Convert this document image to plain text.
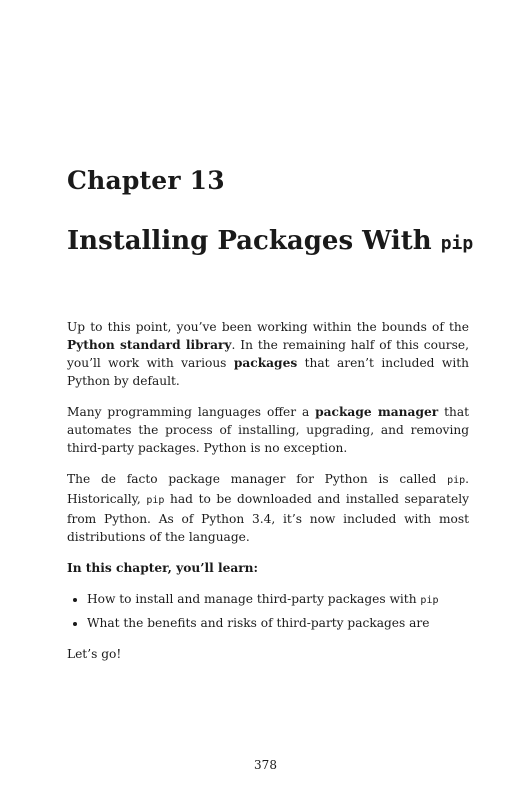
Chapter 13
Installing Packages With pip

Up to this point, you’ve been working within the bounds of the Python standard library. In the remaining half of this course, you’ll work with various packages that aren’t included with Python by default.

Many programming languages offer a package manager that automates the process of installing, upgrading, and removing third-party packages. Python is no exception.

The de facto package manager for Python is called pip. Historically, pip had to be downloaded and installed separately from Python. As of Python 3.4, it’s now included with most distributions of the language.

In this chapter, you’ll learn:

• How to install and manage third-party packages with pip
• What the benefits and risks of third-party packages are

Let’s go!

378
